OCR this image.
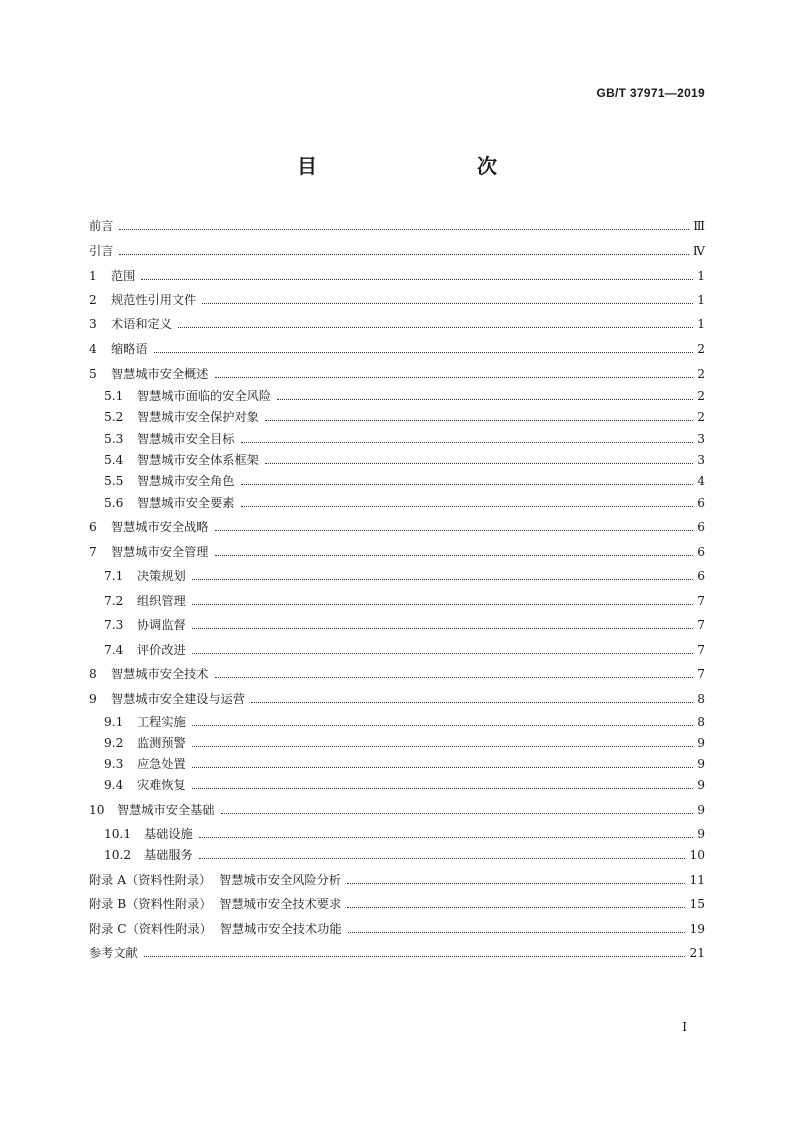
GB/T 37971—2019
目　　次
前言	Ⅲ
引言	Ⅳ
1	范围	1
2	规范性引用文件	1
3	术语和定义	1
4	缩略语	2
5	智慧城市安全概述	2
5.1	智慧城市面临的安全风险	2
5.2	智慧城市安全保护对象	2
5.3	智慧城市安全目标	3
5.4	智慧城市安全体系框架	3
5.5	智慧城市安全角色	4
5.6	智慧城市安全要素	6
6	智慧城市安全战略	6
7	智慧城市安全管理	6
7.1	决策规划	6
7.2	组织管理	7
7.3	协调监督	7
7.4	评价改进	7
8	智慧城市安全技术	7
9	智慧城市安全建设与运营	8
9.1	工程实施	8
9.2	监测预警	9
9.3	应急处置	9
9.4	灾难恢复	9
10	智慧城市安全基础	9
10.1	基础设施	9
10.2	基础服务	10
附录 A（资料性附录）  智慧城市安全风险分析	11
附录 B（资料性附录）  智慧城市安全技术要求	15
附录 C（资料性附录）  智慧城市安全技术功能	19
参考文献	21
I
